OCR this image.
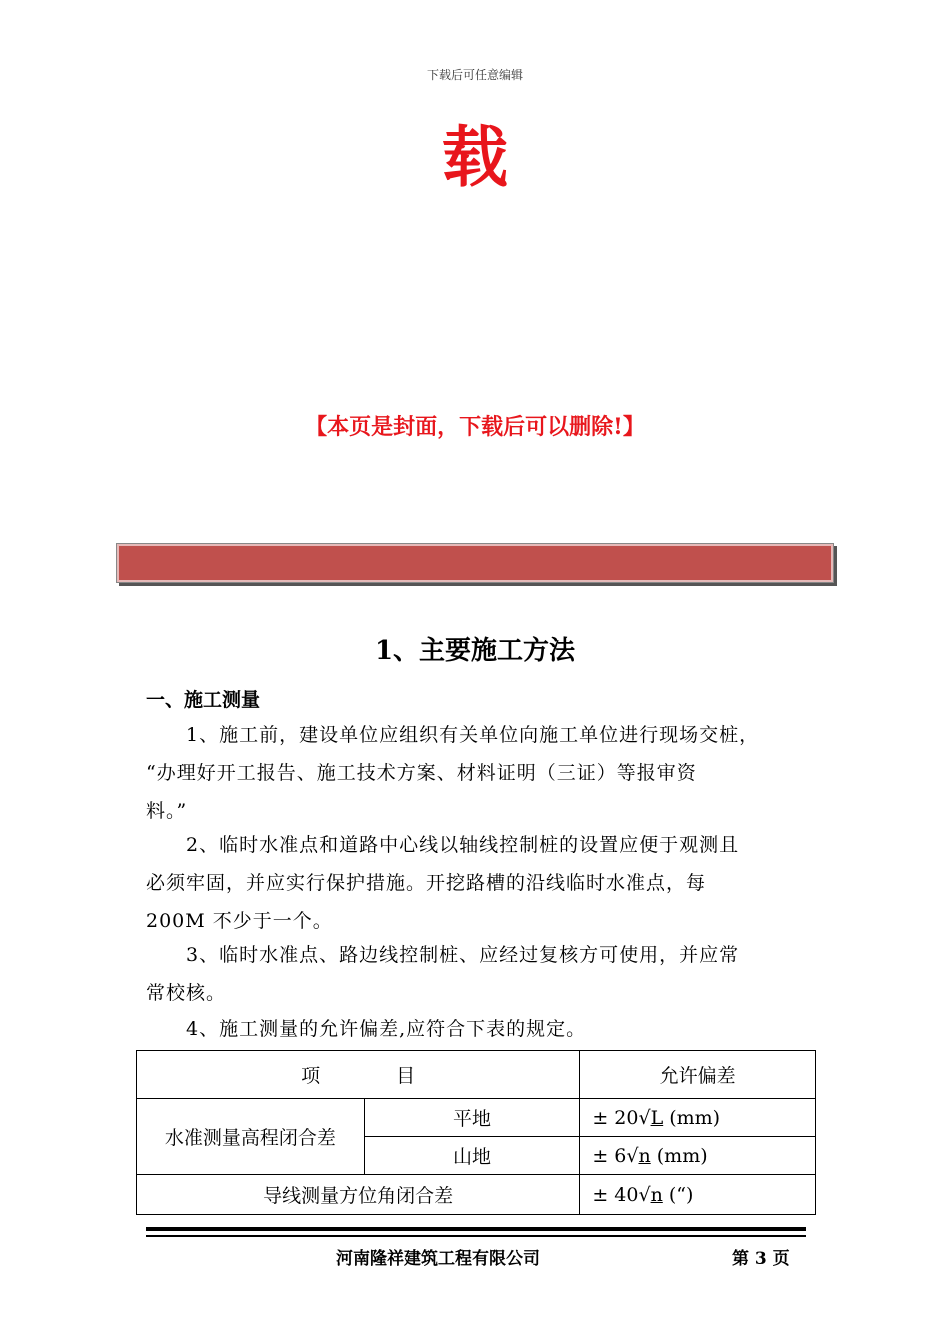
下载后可任意编辑
载
【本页是封面，下载后可以删除!】
1、主要施工方法
一、施工测量
1、施工前，建设单位应组织有关单位向施工单位进行现场交桩，
“办理好开工报告、施工技术方案、材料证明（三证）等报审资
料。”
2、临时水准点和道路中心线以轴线控制桩的设置应便于观测且
必须牢固，并应实行保护措施。开挖路槽的沿线临时水准点，每
200M 不少于一个。
3、临时水准点、路边线控制桩、应经过复核方可使用，并应常
常校核。
4、施工测量的允许偏差,应符合下表的规定。
项　　　　目		允许偏差
水准测量高程闭合差	平地	± 20√L (mm)
	山地	± 6√n (mm)
导线测量方位角闭合差		± 40√n (“)
河南隆祥建筑工程有限公司	第 3 页
